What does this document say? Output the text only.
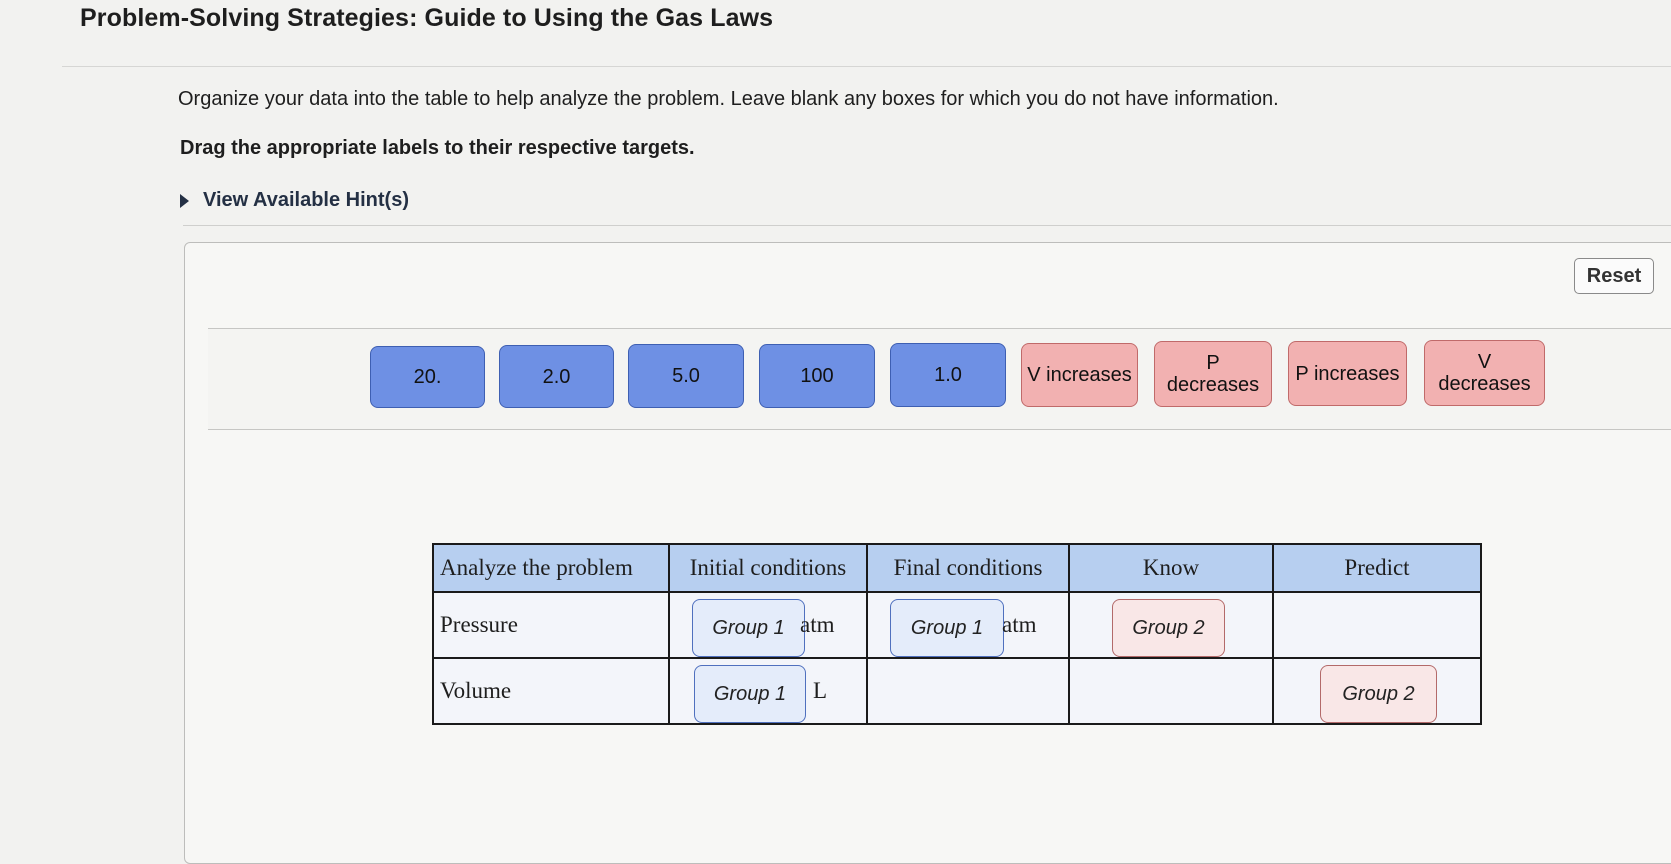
Problem-Solving Strategies: Guide to Using the Gas Laws
Organize your data into the table to help analyze the problem. Leave blank any boxes for which you do not have information.
Drag the appropriate labels to their respective targets.
View Available Hint(s)
Reset
20.	2.0	5.0	100	1.0	V increases
P decreases
P increases
V decreases
Analyze the problem	Initial conditions	Final conditions	Know	Predict
Pressure	Group 1 atm	Group 1 atm	Group 2	

Volume	Group 1 L			Group 2
